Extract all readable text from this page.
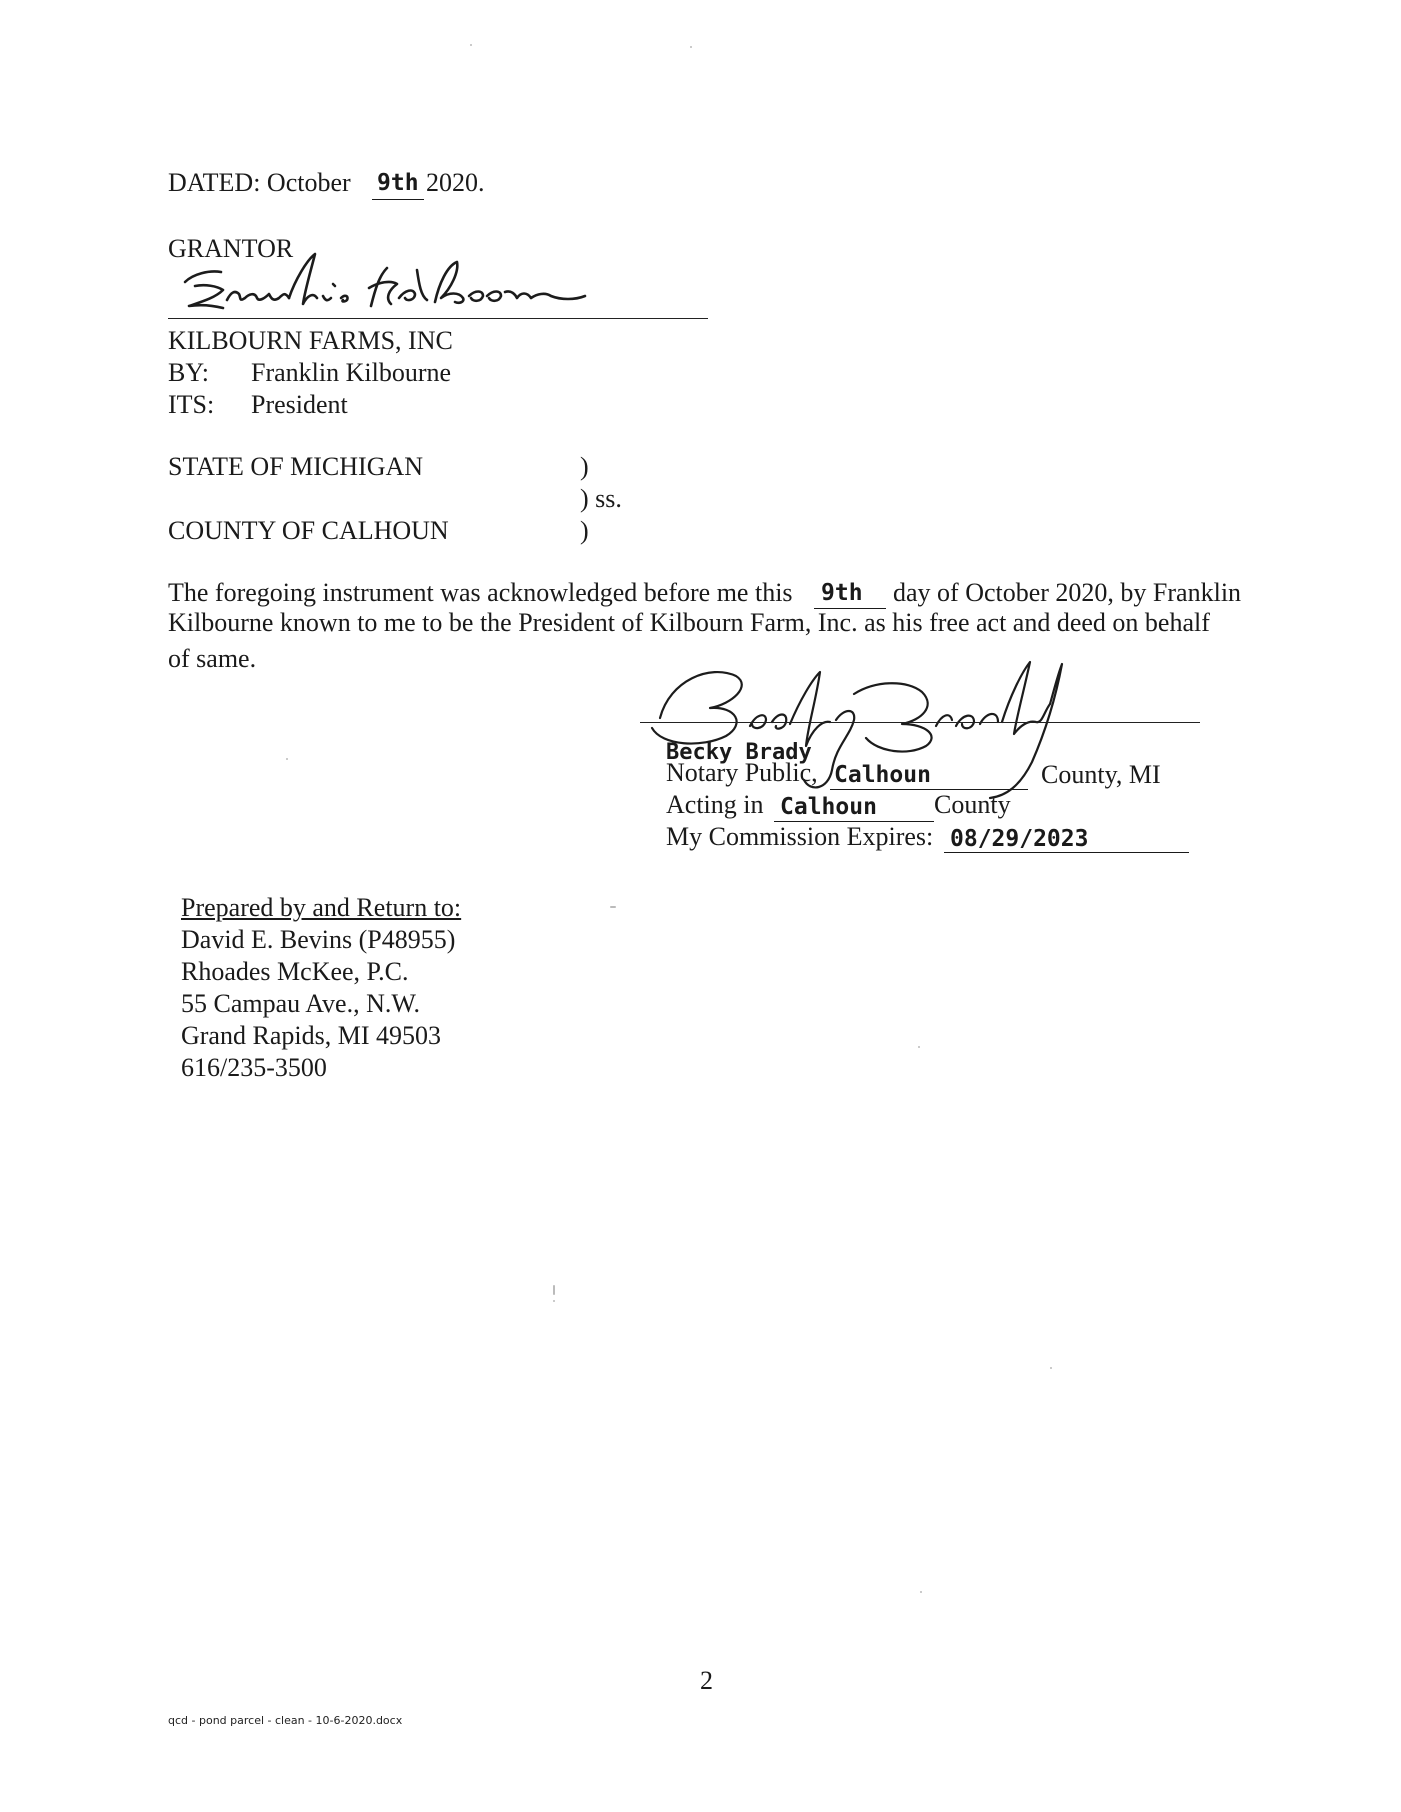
DATED: October 9th 2020.
GRANTOR
KILBOURN FARMS, INC
BY: Franklin Kilbourne
ITS: President
STATE OF MICHIGAN	)
) ss.
COUNTY OF CALHOUN	)
The foregoing instrument was acknowledged before me this 9th day of October 2020, by Franklin
Kilbourne known to me to be the President of Kilbourn Farm, Inc. as his free act and deed on behalf
of same.
Becky Brady
Notary Public, Calhoun	County, MI
Acting in Calhoun County
My Commission Expires: 08/29/2023
Prepared by and Return to:
David E. Bevins (P48955)
Rhoades McKee, P.C.
55 Campau Ave., N.W.
Grand Rapids, MI 49503
616/235-3500
2
qcd - pond parcel - clean - 10-6-2020.docx
